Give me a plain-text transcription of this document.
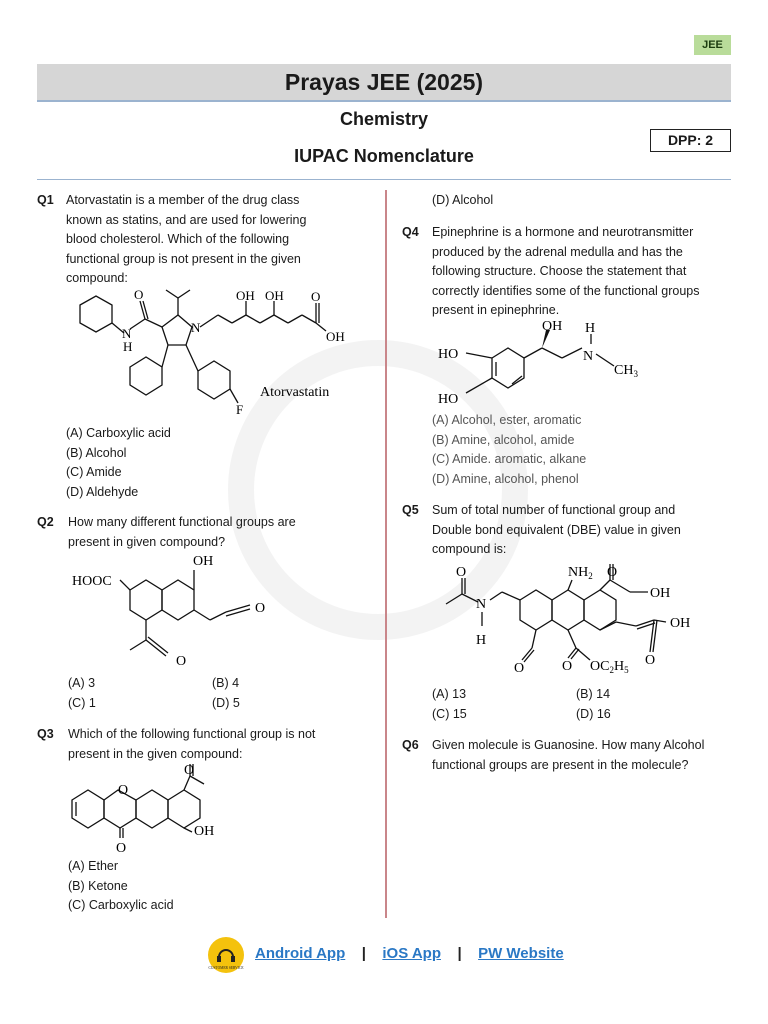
JEE
Prayas JEE (2025)
Chemistry
IUPAC Nomenclature
DPP: 2
Q1 Atorvastatin is a member of the drug class
known as statins, and are used for lowering
blood cholesterol. Which of the following
functional group is not present in the given
compound:
OH OH O
OH
N
N
H
O
F
Atorvastatin
(A) Carboxylic acid
(B) Alcohol
(C) Amide
(D) Aldehyde
Q2 How many different functional groups are
present in given compound?
HOOC
OH
O
O
(A) 3
(C) 1
(B) 4
(D) 5
Q3 Which of the following functional group is not
present in the given compound:
O
O
O
OH
(A) Ether
(B) Ketone
(C) Carboxylic acid
(D) Alcohol
Q4 Epinephrine is a hormone and neurotransmitter
produced by the adrenal medulla and has the
following structure. Choose the statement that
correctly identifies some of the functional groups
present in epinephrine.
OH H
N
$CH_3$
HO
HO
(A) Alcohol, ester, aromatic
(B) Amine, alcohol, amide
(C) Amide. aromatic, alkane
(D) Amine, alcohol, phenol
Q5 Sum of total number of functional group and
Double bond equivalent (DBE) value in given
compound is:
O
N
H
$NH_2$ O
OH
OH
O
O	O $OC_2H_5$
(A) 13
(C) 15
(B) 14
(D) 16
Q6 Given molecule is Guanosine. How many Alcohol
functional groups are present in the molecule?
CUSTOMER SERVICE
Android App | iOS App | PW Website
